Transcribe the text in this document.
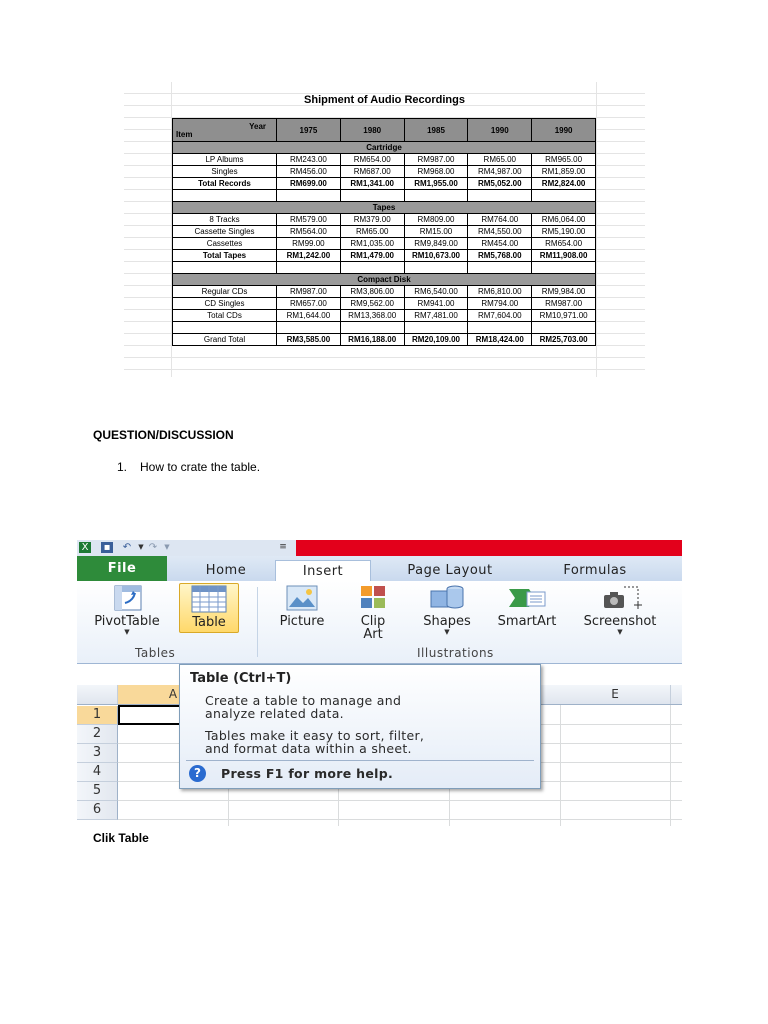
Shipment of Audio Recordings
Year
Item	1975	1980	1985	1990	1990
Cartridge					
LP Albums	RM243.00	RM654.00	RM987.00	RM65.00	RM965.00
Singles	RM456.00	RM687.00	RM968.00	RM4,987.00	RM1,859.00
Total Records	RM699.00	RM1,341.00	RM1,955.00	RM5,052.00	RM2,824.00

Tapes					
8 Tracks	RM579.00	RM379.00	RM809.00	RM764.00	RM6,064.00
Cassette Singles	RM564.00	RM65.00	RM15.00	RM4,550.00	RM5,190.00
Cassettes	RM99.00	RM1,035.00	RM9,849.00	RM454.00	RM654.00
Total Tapes	RM1,242.00	RM1,479.00	RM10,673.00	RM5,768.00	RM11,908.00

Compact Disk					
Regular CDs	RM987.00	RM3,806.00	RM6,540.00	RM6,810.00	RM9,984.00
CD Singles	RM657.00	RM9,562.00	RM941.00	RM794.00	RM987.00
Total CDs	RM1,644.00	RM13,368.00	RM7,481.00	RM7,604.00	RM10,971.00

Grand Total	RM3,585.00	RM16,188.00	RM20,109.00	RM18,424.00	RM25,703.00
QUESTION/DISCUSSION
1. How to crate the table.
X ▪ ↶	▼ ↷	▼	≡
File	Home	Insert	Page Layout	Formulas
PivotTable
▼
Table
Tables
Picture	Clip
Art
Shapes
▼
SmartArt	Screenshot
▼
Illustrations
A	E
1
2
3
4
5
6
Table (Ctrl+T)
Create a table to manage and
analyze related data.
Tables make it easy to sort, filter,
and format data within a sheet.
? Press F1 for more help.
Clik Table
